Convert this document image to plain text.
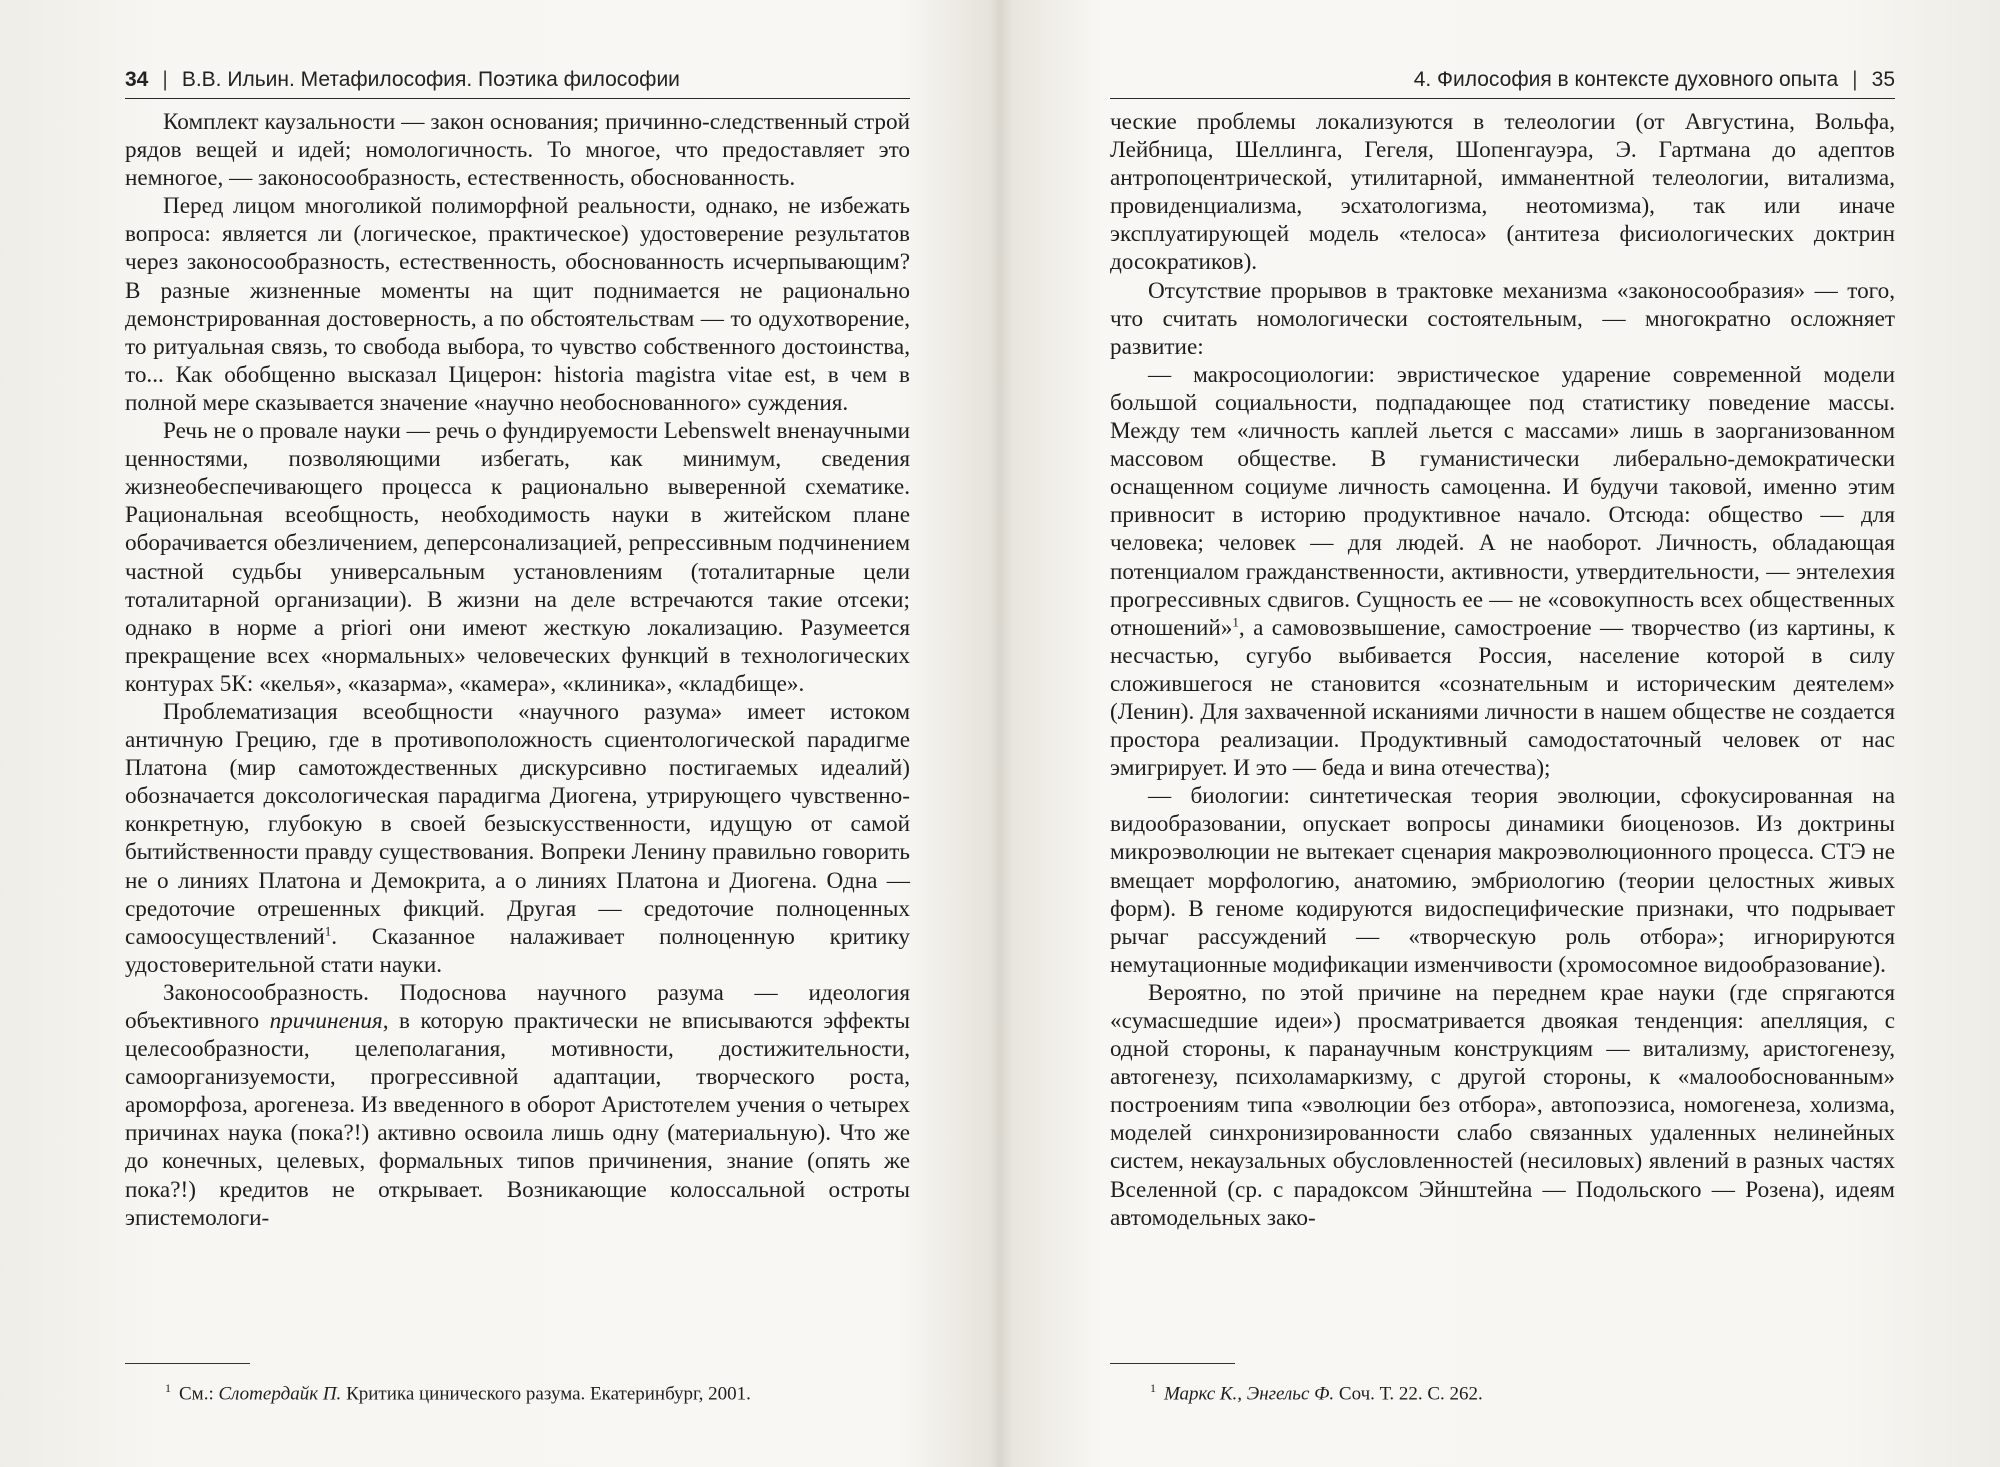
34 | В.В. Ильин. Метафилософия. Поэтика философии

Комплект каузальности — закон основания; причинно-следственный строй рядов вещей и идей; номологичность. То многое, что предоставляет это немногое, — законосообразность, естественность, обоснованность.

Перед лицом многоликой полиморфной реальности, однако, не избежать вопроса: является ли (логическое, практическое) удостоверение результатов через законосообразность, естественность, обоснованность исчерпывающим? В разные жизненные моменты на щит поднимается не рационально демонстрированная достоверность, а по обстоятельствам — то одухотворение, то ритуальная связь, то свобода выбора, то чувство собственного достоинства, то... Как обобщенно высказал Цицерон: historia magistra vitae est, в чем в полной мере сказывается значение «научно необоснованного» суждения.

Речь не о провале науки — речь о фундируемости Lebenswelt вненаучными ценностями, позволяющими избегать, как минимум, сведения жизнеобеспечивающего процесса к рационально выверенной схематике. Рациональная всеобщность, необходимость науки в житейском плане оборачивается обезличением, деперсонализацией, репрессивным подчинением частной судьбы универсальным установлениям (тоталитарные цели тоталитарной организации). В жизни на деле встречаются такие отсеки; однако в норме a priori они имеют жесткую локализацию. Разумеется прекращение всех «нормальных» человеческих функций в технологических контурах 5К: «келья», «казарма», «камера», «клиника», «кладбище».

Проблематизация всеобщности «научного разума» имеет истоком античную Грецию, где в противоположность сциентологической парадигме Платона (мир самотождественных дискурсивно постигаемых идеалий) обозначается доксологическая парадигма Диогена, утрирующего чувственно-конкретную, глубокую в своей безыскусственности, идущую от самой бытийственности правду существования. Вопреки Ленину правильно говорить не о линиях Платона и Демокрита, а о линиях Платона и Диогена. Одна — средоточие отрешенных фикций. Другая — средоточие полноценных самоосуществлений$^1$. Сказанное налаживает полноценную критику удостоверительной стати науки.

Законосообразность. Подоснова научного разума — идеология объективного причинения, в которую практически не вписываются эффекты целесообразности, целеполагания, мотивности, достижительности, самоорганизуемости, прогрессивной адаптации, творческого роста, ароморфоза, арогенеза. Из введенного в оборот Аристотелем учения о четырех причинах наука (пока?!) активно освоила лишь одну (материальную). Что же до конечных, целевых, формальных типов причинения, знание (опять же пока?!) кредитов не открывает. Возникающие колоссальной остроты эпистемологи-

$^1$ См.: Слотердайк П. Критика цинического разума. Екатеринбург, 2001.
4. Философия в контексте духовного опыта | 35

ческие проблемы локализуются в телеологии (от Августина, Вольфа, Лейбница, Шеллинга, Гегеля, Шопенгауэра, Э. Гартмана до адептов антропоцентрической, утилитарной, имманентной телеологии, витализма, провиденциализма, эсхатологизма, неотомизма), так или иначе эксплуатирующей модель «телоса» (антитеза фисиологических доктрин досократиков).

Отсутствие прорывов в трактовке механизма «законосообразия» — того, что считать номологически состоятельным, — многократно осложняет развитие:

— макросоциологии: эвристическое ударение современной модели большой социальности, подпадающее под статистику поведение массы. Между тем «личность каплей льется с массами» лишь в заорганизованном массовом обществе. В гуманистически либерально-демократически оснащенном социуме личность самоценна. И будучи таковой, именно этим привносит в историю продуктивное начало. Отсюда: общество — для человека; человек — для людей. А не наоборот. Личность, обладающая потенциалом гражданственности, активности, утвердительности, — энтелехия прогрессивных сдвигов. Сущность ее — не «совокупность всех общественных отношений»$^1$, а самовозвышение, самостроение — творчество (из картины, к несчастью, сугубо выбивается Россия, население которой в силу сложившегося не становится «сознательным и историческим деятелем» (Ленин). Для захваченной исканиями личности в нашем обществе не создается простора реализации. Продуктивный самодостаточный человек от нас эмигрирует. И это — беда и вина отечества);

— биологии: синтетическая теория эволюции, сфокусированная на видообразовании, опускает вопросы динамики биоценозов. Из доктрины микроэволюции не вытекает сценария макроэволюционного процесса. СТЭ не вмещает морфологию, анатомию, эмбриологию (теории целостных живых форм). В геноме кодируются видоспецифические признаки, что подрывает рычаг рассуждений — «творческую роль отбора»; игнорируются немутационные модификации изменчивости (хромосомное видообразование).

Вероятно, по этой причине на переднем крае науки (где спрягаются «сумасшедшие идеи») просматривается двоякая тенденция: апелляция, с одной стороны, к паранаучным конструкциям — витализму, аристогенезу, автогенезу, психоламаркизму, с другой стороны, к «малообоснованным» построениям типа «эволюции без отбора», автопоэзиса, номогенеза, холизма, моделей синхронизированности слабо связанных удаленных нелинейных систем, некаузальных обусловленностей (несиловых) явлений в разных частях Вселенной (ср. с парадоксом Эйнштейна — Подольского — Розена), идеям автомодельных зако-

$^1$ Маркс К., Энгельс Ф. Соч. Т. 22. С. 262.
